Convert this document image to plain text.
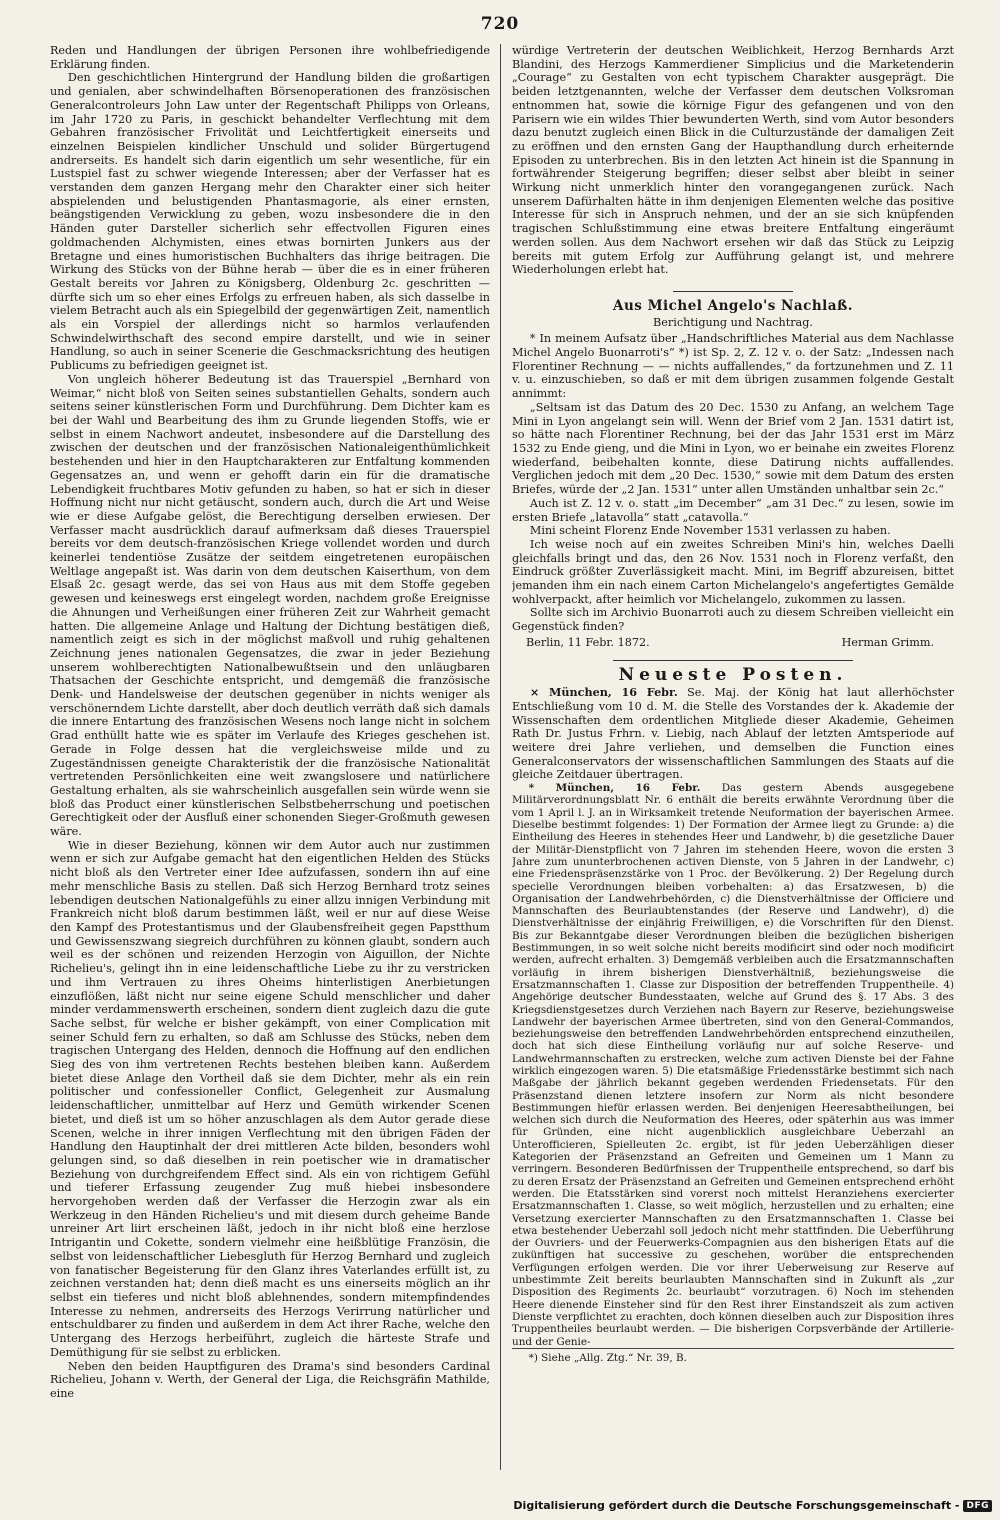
720

Reden und Handlungen der übrigen Personen ihre wohlbefriedigende Erklärung finden.

Den geschichtlichen Hintergrund der Handlung bilden die großartigen und genialen, aber schwindelhaften Börsenoperationen des französischen Generalcontroleurs John Law unter der Regentschaft Philipps von Orleans, im Jahr 1720 zu Paris, in geschickt behandelter Verflechtung mit dem Gebahren französischer Frivolität und Leichtfertigkeit einerseits und einzelnen Beispielen kindlicher Unschuld und solider Bürgertugend andrerseits. Es handelt sich darin eigentlich um sehr wesentliche, für ein Lustspiel fast zu schwer wiegende Interessen; aber der Verfasser hat es verstanden dem ganzen Hergang mehr den Charakter einer sich heiter abspielenden und belustigenden Phantasmagorie, als einer ernsten, beängstigenden Verwicklung zu geben, wozu insbesondere die in den Händen guter Darsteller sicherlich sehr effectvollen Figuren eines goldmachenden Alchymisten, eines etwas bornirten Junkers aus der Bretagne und eines humoristischen Buchhalters das ihrige beitragen. Die Wirkung des Stücks von der Bühne herab — über die es in einer früheren Gestalt bereits vor Jahren zu Königsberg, Oldenburg 2c. geschritten — dürfte sich um so eher eines Erfolgs zu erfreuen haben, als sich dasselbe in vielem Betracht auch als ein Spiegelbild der gegenwärtigen Zeit, namentlich als ein Vorspiel der allerdings nicht so harmlos verlaufenden Schwindelwirthschaft des second empire darstellt, und wie in seiner Handlung, so auch in seiner Scenerie die Geschmacksrichtung des heutigen Publicums zu befriedigen geeignet ist.

Von ungleich höherer Bedeutung ist das Trauerspiel „Bernhard von Weimar,“ nicht bloß von Seiten seines substantiellen Gehalts, sondern auch seitens seiner künstlerischen Form und Durchführung. Dem Dichter kam es bei der Wahl und Bearbeitung des ihm zu Grunde liegenden Stoffs, wie er selbst in einem Nachwort andeutet, insbesondere auf die Darstellung des zwischen der deutschen und der französischen Nationaleigenthümlichkeit bestehenden und hier in den Hauptcharakteren zur Entfaltung kommenden Gegensatzes an, und wenn er gehofft darin ein für die dramatische Lebendigkeit fruchtbares Motiv gefunden zu haben, so hat er sich in dieser Hoffnung nicht nur nicht getäuscht, sondern auch, durch die Art und Weise wie er diese Aufgabe gelöst, die Berechtigung derselben erwiesen. Der Verfasser macht ausdrücklich darauf aufmerksam daß dieses Trauerspiel bereits vor dem deutsch-französischen Kriege vollendet worden und durch keinerlei tendentiöse Zusätze der seitdem eingetretenen europäischen Weltlage angepaßt ist. Was darin von dem deutschen Kaiserthum, von dem Elsaß 2c. gesagt werde, das sei von Haus aus mit dem Stoffe gegeben gewesen und keineswegs erst eingelegt worden, nachdem große Ereignisse die Ahnungen und Verheißungen einer früheren Zeit zur Wahrheit gemacht hatten. Die allgemeine Anlage und Haltung der Dichtung bestätigen dieß, namentlich zeigt es sich in der möglichst maßvoll und ruhig gehaltenen Zeichnung jenes nationalen Gegensatzes, die zwar in jeder Beziehung unserem wohlberechtigten Nationalbewußtsein und den unläugbaren Thatsachen der Geschichte entspricht, und demgemäß die französische Denk- und Handelsweise der deutschen gegenüber in nichts weniger als verschönerndem Lichte darstellt, aber doch deutlich verräth daß sich damals die innere Entartung des französischen Wesens noch lange nicht in solchem Grad enthüllt hatte wie es später im Verlaufe des Krieges geschehen ist. Gerade in Folge dessen hat die vergleichsweise milde und zu Zugeständnissen geneigte Charakteristik der die französische Nationalität vertretenden Persönlichkeiten eine weit zwangslosere und natürlichere Gestaltung erhalten, als sie wahrscheinlich ausgefallen sein würde wenn sie bloß das Product einer künstlerischen Selbstbeherrschung und poetischen Gerechtigkeit oder der Ausfluß einer schonenden Sieger-Großmuth gewesen wäre.

Wie in dieser Beziehung, können wir dem Autor auch nur zustimmen wenn er sich zur Aufgabe gemacht hat den eigentlichen Helden des Stücks nicht bloß als den Vertreter einer Idee aufzufassen, sondern ihn auf eine mehr menschliche Basis zu stellen. Daß sich Herzog Bernhard trotz seines lebendigen deutschen Nationalgefühls zu einer allzu innigen Verbindung mit Frankreich nicht bloß darum bestimmen läßt, weil er nur auf diese Weise den Kampf des Protestantismus und der Glaubensfreiheit gegen Papstthum und Gewissenszwang siegreich durchführen zu können glaubt, sondern auch weil es der schönen und reizenden Herzogin von Aiguillon, der Nichte Richelieu's, gelingt ihn in eine leidenschaftliche Liebe zu ihr zu verstricken und ihm Vertrauen zu ihres Oheims hinterlistigen Anerbietungen einzuflößen, läßt nicht nur seine eigene Schuld menschlicher und daher minder verdammenswerth erscheinen, sondern dient zugleich dazu die gute Sache selbst, für welche er bisher gekämpft, von einer Complication mit seiner Schuld fern zu erhalten, so daß am Schlusse des Stücks, neben dem tragischen Untergang des Helden, dennoch die Hoffnung auf den endlichen Sieg des von ihm vertretenen Rechts bestehen bleiben kann. Außerdem bietet diese Anlage den Vortheil daß sie dem Dichter, mehr als ein rein politischer und confessioneller Conflict, Gelegenheit zur Ausmalung leidenschaftlicher, unmittelbar auf Herz und Gemüth wirkender Scenen bietet, und dieß ist um so höher anzuschlagen als dem Autor gerade diese Scenen, welche in ihrer innigen Verflechtung mit den übrigen Fäden der Handlung den Hauptinhalt der drei mittleren Acte bilden, besonders wohl gelungen sind, so daß dieselben in rein poetischer wie in dramatischer Beziehung von durchgreifendem Effect sind. Als ein von richtigem Gefühl und tieferer Erfassung zeugender Zug muß hiebei insbesondere hervorgehoben werden daß der Verfasser die Herzogin zwar als ein Werkzeug in den Händen Richelieu's und mit diesem durch geheime Bande unreiner Art liirt erscheinen läßt, jedoch in ihr nicht bloß eine herzlose Intrigantin und Cokette, sondern vielmehr eine heißblütige Französin, die selbst von leidenschaftlicher Liebesgluth für Herzog Bernhard und zugleich von fanatischer Begeisterung für den Glanz ihres Vaterlandes erfüllt ist, zu zeichnen verstanden hat; denn dieß macht es uns einerseits möglich an ihr selbst ein tieferes und nicht bloß ablehnendes, sondern mitempfindendes Interesse zu nehmen, andrerseits des Herzogs Verirrung natürlicher und entschuldbarer zu finden und außerdem in dem Act ihrer Rache, welche den Untergang des Herzogs herbeiführt, zugleich die härteste Strafe und Demüthigung für sie selbst zu erblicken.

Neben den beiden Hauptfiguren des Drama's sind besonders Cardinal Richelieu, Johann v. Werth, der General der Liga, die Reichsgräfin Mathilde, eine

würdige Vertreterin der deutschen Weiblichkeit, Herzog Bernhards Arzt Blandini, des Herzogs Kammerdiener Simplicius und die Marketenderin „Courage“ zu Gestalten von echt typischem Charakter ausgeprägt. Die beiden letztgenannten, welche der Verfasser dem deutschen Volksroman entnommen hat, sowie die körnige Figur des gefangenen und von den Parisern wie ein wildes Thier bewunderten Werth, sind vom Autor besonders dazu benutzt zugleich einen Blick in die Culturzustände der damaligen Zeit zu eröffnen und den ernsten Gang der Haupthandlung durch erheiternde Episoden zu unterbrechen. Bis in den letzten Act hinein ist die Spannung in fortwährender Steigerung begriffen; dieser selbst aber bleibt in seiner Wirkung nicht unmerklich hinter den vorangegangenen zurück. Nach unserem Dafürhalten hätte in ihm denjenigen Elementen welche das positive Interesse für sich in Anspruch nehmen, und der an sie sich knüpfenden tragischen Schlußstimmung eine etwas breitere Entfaltung eingeräumt werden sollen. Aus dem Nachwort ersehen wir daß das Stück zu Leipzig bereits mit gutem Erfolg zur Aufführung gelangt ist, und mehrere Wiederholungen erlebt hat.

Aus Michel Angelo's Nachlaß.
Berichtigung und Nachtrag.

* In meinem Aufsatz über „Handschriftliches Material aus dem Nachlasse Michel Angelo Buonarroti's“ *) ist Sp. 2, Z. 12 v. o. der Satz: „Indessen nach Florentiner Rechnung — — nichts auffallendes,“ da fortzunehmen und Z. 11 v. u. einzuschieben, so daß er mit dem übrigen zusammen folgende Gestalt annimmt:

„Seltsam ist das Datum des 20 Dec. 1530 zu Anfang, an welchem Tage Mini in Lyon angelangt sein will. Wenn der Brief vom 2 Jan. 1531 datirt ist, so hätte nach Florentiner Rechnung, bei der das Jahr 1531 erst im März 1532 zu Ende gieng, und die Mini in Lyon, wo er beinahe ein zweites Florenz wiederfand, beibehalten konnte, diese Datirung nichts auffallendes. Verglichen jedoch mit dem „20 Dec. 1530,“ sowie mit dem Datum des ersten Briefes, würde der „2 Jan. 1531“ unter allen Umständen unhaltbar sein 2c.“

Auch ist Z. 12 v. o. statt „im December“ „am 31 Dec.“ zu lesen, sowie im ersten Briefe „latavolla“ statt „catavolla.“

Mini scheint Florenz Ende November 1531 verlassen zu haben.

Ich weise noch auf ein zweites Schreiben Mini's hin, welches Daelli gleichfalls bringt und das, den 26 Nov. 1531 noch in Florenz verfaßt, den Eindruck größter Zuverlässigkeit macht. Mini, im Begriff abzureisen, bittet jemanden ihm ein nach einem Carton Michelangelo's angefertigtes Gemälde wohlverpackt, after heimlich vor Michelangelo, zukommen zu lassen.

Sollte sich im Archivio Buonarroti auch zu diesem Schreiben vielleicht ein Gegenstück finden?

Berlin, 11 Febr. 1872.	Herman Grimm.
Neueste Posten.

× München, 16 Febr. Se. Maj. der König hat laut allerhöchster Entschließung vom 10 d. M. die Stelle des Vorstandes der k. Akademie der Wissenschaften dem ordentlichen Mitgliede dieser Akademie, Geheimen Rath Dr. Justus Frhrn. v. Liebig, nach Ablauf der letzten Amtsperiode auf weitere drei Jahre verliehen, und demselben die Function eines Generalconservators der wissenschaftlichen Sammlungen des Staats auf die gleiche Zeitdauer übertragen.

* München, 16 Febr. Das gestern Abends ausgegebene Militärverordnungsblatt Nr. 6 enthält die bereits erwähnte Verordnung über die vom 1 April l. J. an in Wirksamkeit tretende Neuformation der bayerischen Armee. Dieselbe bestimmt folgendes: 1) Der Formation der Armee liegt zu Grunde: a) die Eintheilung des Heeres in stehendes Heer und Landwehr, b) die gesetzliche Dauer der Militär-Dienstpflicht von 7 Jahren im stehenden Heere, wovon die ersten 3 Jahre zum ununterbrochenen activen Dienste, von 5 Jahren in der Landwehr, c) eine Friedenspräsenzstärke von 1 Proc. der Bevölkerung. 2) Der Regelung durch specielle Verordnungen bleiben vorbehalten: a) das Ersatzwesen, b) die Organisation der Landwehrbehörden, c) die Dienstverhältnisse der Officiere und Mannschaften des Beurlaubtenstandes (der Reserve und Landwehr), d) die Dienstverhältnisse der einjährig Freiwilligen, e) die Vorschriften für den Dienst. Bis zur Bekanntgabe dieser Verordnungen bleiben die bezüglichen bisherigen Bestimmungen, in so weit solche nicht bereits modificirt sind oder noch modificirt werden, aufrecht erhalten. 3) Demgemäß verbleiben auch die Ersatzmannschaften vorläufig in ihrem bisherigen Dienstverhältniß, beziehungsweise die Ersatzmannschaften 1. Classe zur Disposition der betreffenden Truppentheile. 4) Angehörige deutscher Bundesstaaten, welche auf Grund des §. 17 Abs. 3 des Kriegsdienstgesetzes durch Verziehen nach Bayern zur Reserve, beziehungsweise Landwehr der bayerischen Armee übertreten, sind von den General-Commandos, beziehungsweise den betreffenden Landwehrbehörden entsprechend einzutheilen, doch hat sich diese Eintheilung vorläufig nur auf solche Reserve- und Landwehrmannschaften zu erstrecken, welche zum activen Dienste bei der Fahne wirklich eingezogen waren. 5) Die etatsmäßige Friedensstärke bestimmt sich nach Maßgabe der jährlich bekannt gegeben werdenden Friedensetats. Für den Präsenzstand dienen letztere insofern zur Norm als nicht besondere Bestimmungen hiefür erlassen werden. Bei denjenigen Heeresabtheilungen, bei welchen sich durch die Neuformation des Heeres, oder späterhin aus was immer für Gründen, eine nicht augenblicklich ausgleichbare Ueberzahl an Unterofficieren, Spielleuten 2c. ergibt, ist für jeden Ueberzähligen dieser Kategorien der Präsenzstand an Gefreiten und Gemeinen um 1 Mann zu verringern. Besonderen Bedürfnissen der Truppentheile entsprechend, so darf bis zu deren Ersatz der Präsenzstand an Gefreiten und Gemeinen entsprechend erhöht werden. Die Etatsstärken sind vorerst noch mittelst Heranziehens exercierter Ersatzmannschaften 1. Classe, so weit möglich, herzustellen und zu erhalten; eine Versetzung exercierter Mannschaften zu den Ersatzmannschaften 1. Classe bei etwa bestehender Ueberzahl soll jedoch nicht mehr stattfinden. Die Ueberführung der Ouvriers- und der Feuerwerks-Compagnien aus den bisherigen Etats auf die zukünftigen hat successive zu geschehen, worüber die entsprechenden Verfügungen erfolgen werden. Die vor ihrer Ueberweisung zur Reserve auf unbestimmte Zeit bereits beurlaubten Mannschaften sind in Zukunft als „zur Disposition des Regiments 2c. beurlaubt“ vorzutragen. 6) Noch im stehenden Heere dienende Einsteher sind für den Rest ihrer Einstandszeit als zum activen Dienste verpflichtet zu erachten, doch können dieselben auch zur Disposition ihres Truppentheiles beurlaubt werden. — Die bisherigen Corpsverbände der Artillerie- und der Genie-

*) Siehe „Allg. Ztg.“ Nr. 39, B.

Digitalisierung gefördert durch die Deutsche Forschungsgemeinschaft - DFG
